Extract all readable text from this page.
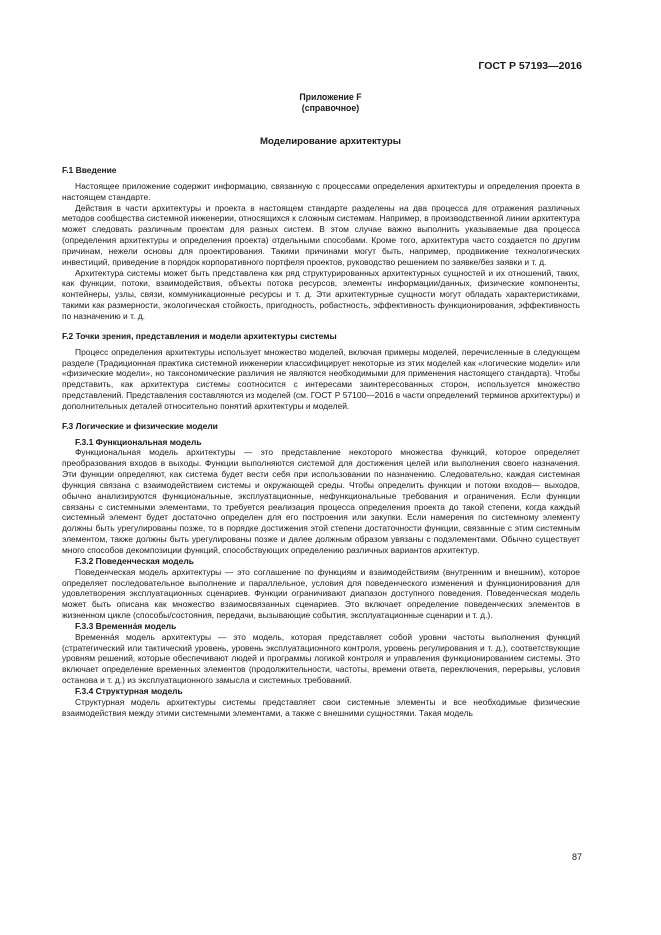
ГОСТ Р 57193—2016
Приложение F
(справочное)
Моделирование архитектуры
F.1 Введение

Настоящее приложение содержит информацию, связанную с процессами определения архитектуры и определения проекта в настоящем стандарте.

Действия в части архитектуры и проекта в настоящем стандарте разделены на два процесса для отражения различных методов сообщества системной инженерии, относящихся к сложным системам. Например, в производственной линии архитектура может следовать различным проектам для разных систем. В этом случае важно выполнить указываемые два процесса (определения архитектуры и определения проекта) отдельными способами. Кроме того, архитектура часто создается по другим причинам, нежели основы для проектирования. Такими причинами могут быть, например, продвижение технологических инвестиций, приведение в порядок корпоративного портфеля проектов, руководство решением по заявке/без заявки и т. д.

Архитектура системы может быть представлена как ряд структурированных архитектурных сущностей и их отношений, таких, как функции, потоки, взаимодействия, объекты потока ресурсов, элементы информации/данных, физические компоненты, контейнеры, узлы, связи, коммуникационные ресурсы и т. д. Эти архитектурные сущности могут обладать характеристиками, такими как размерности, экологическая стойкость, пригодность, робастность, эффективность функционирования, эффективность по назначению и т. д.

F.2 Точки зрения, представления и модели архитектуры системы

Процесс определения архитектуры использует множество моделей, включая примеры моделей, перечисленные в следующем разделе (Традиционная практика системной инженерии классифицирует некоторые из этих моделей как «логические модели» или «физические модели», но таксономические различия не являются необходимыми для применения настоящего стандарта). Чтобы представить, как архитектура системы соотносится с интересами заинтересованных сторон, используется множество представлений. Представления составляются из моделей (см. ГОСТ Р 57100—2016 в части определений терминов архитектуры) и дополнительных деталей относительно понятий архитектуры и моделей.

F.3 Логические и физические модели
F.3.1 Функциональная модель

Функциональная модель архитектуры — это представление некоторого множества функций, которое определяет преобразования входов в выходы. Функции выполняются системой для достижения целей или выполнения своего назначения. Эти функции определяют, как система будет вести себя при использовании по назначению. Следовательно, каждая системная функция связана с взаимодействием системы и окружающей среды. Чтобы определить функции и потоки входов— выходов, обычно анализируются функциональные, эксплуатационные, нефункциональные требования и ограничения. Если функции связаны с системными элементами, то требуется реализация процесса определения проекта до такой степени, когда каждый системный элемент будет достаточно определен для его построения или закупки. Если намерения по системному элементу должны быть урегулированы позже, то в порядке достижения этой степени достаточности функции, связанные с этим системным элементом, также должны быть урегулированы позже и далее должным образом увязаны с подэлементами. Обычно существует много способов декомпозиции функций, способствующих определению различных вариантов архитектур.

F.3.2 Поведенческая модель

Поведенческая модель архитектуры — это соглашение по функциям и взаимодействиям (внутренним и внешним), которое определяет последовательное выполнение и параллельное, условия для поведенческого изменения и функционирования для удовлетворения эксплуатационных сценариев. Функции ограничивают диапазон доступного поведения. Поведенческая модель может быть описана как множество взаимосвязанных сценариев. Это включает определение поведенческих элементов в жизненном цикле (способы/состояния, передачи, вызывающие события, эксплуатационные сценарии и т. д.).

F.3.3 Временна́я модель

Временна́я модель архитектуры — это модель, которая представляет собой уровни частоты выполнения функций (стратегический или тактический уровень, уровень эксплуатационного контроля, уровень регулирования и т. д.), соответствующие уровням решений, которые обеспечивают людей и программы логикой контроля и управления функционированием системы. Это включает определение временных элементов (продолжительности, частоты, времени ответа, переключения, перерывы, условия останова и т. д.) из эксплуатационного замысла и системных требований.

F.3.4 Структурная модель

Структурная модель архитектуры системы представляет свои системные элементы и все необходимые физические взаимодействия между этими системными элементами, а также с внешними сущностями. Такая модель

87
